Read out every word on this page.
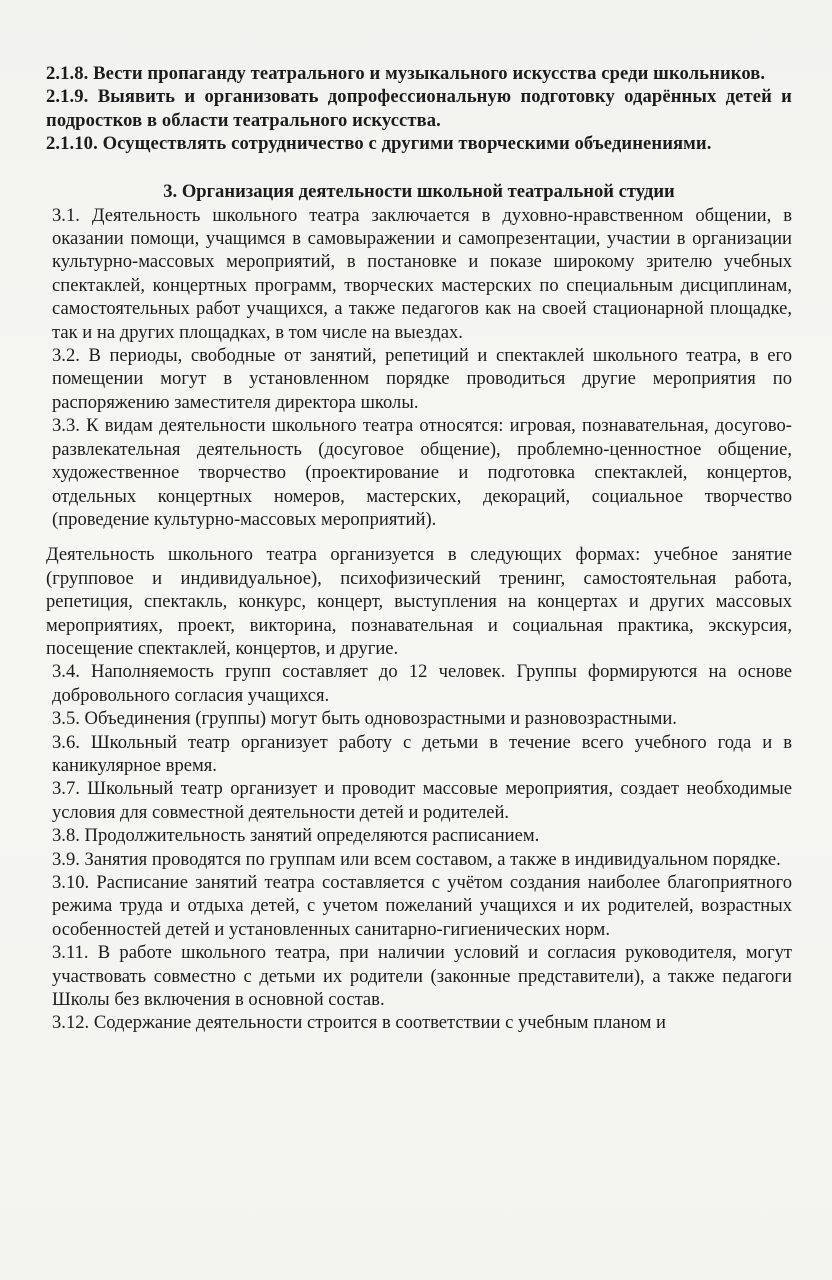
2.1.8. Вести пропаганду театрального и музыкального искусства среди школьников.

2.1.9. Выявить и организовать допрофессиональную подготовку одарённых детей и подростков в области театрального искусства.

2.1.10. Осуществлять сотрудничество с другими творческими объединениями.

3. Организация деятельности школьной театральной студии

3.1. Деятельность школьного театра заключается в духовно-нравственном общении, в оказании помощи, учащимся в самовыражении и самопрезентации, участии в организации культурно-массовых мероприятий, в постановке и показе широкому зрителю учебных спектаклей, концертных программ, творческих мастерских по специальным дисциплинам, самостоятельных работ учащихся, а также педагогов как на своей стационарной площадке, так и на других площадках, в том числе на выездах.

3.2. В периоды, свободные от занятий, репетиций и спектаклей школьного театра, в его помещении могут в установленном порядке проводиться другие мероприятия по распоряжению заместителя директора школы.

3.3. К видам деятельности школьного театра относятся: игровая, познавательная, досугово-развлекательная деятельность (досуговое общение), проблемно-ценностное общение, художественное творчество (проектирование и подготовка спектаклей, концертов, отдельных концертных номеров, мастерских, декораций, социальное творчество (проведение культурно-массовых мероприятий).

Деятельность школьного театра организуется в следующих формах: учебное занятие (групповое и индивидуальное), психофизический тренинг, самостоятельная работа, репетиция, спектакль, конкурс, концерт, выступления на концертах и других массовых мероприятиях, проект, викторина, познавательная и социальная практика, экскурсия, посещение спектаклей, концертов, и другие.

3.4. Наполняемость групп составляет до 12 человек. Группы формируются на основе добровольного согласия учащихся.

3.5. Объединения (группы) могут быть одновозрастными и разновозрастными.

3.6. Школьный театр организует работу с детьми в течение всего учебного года и в каникулярное время.

3.7. Школьный театр организует и проводит массовые мероприятия, создает необходимые условия для совместной деятельности детей и родителей.

3.8. Продолжительность занятий определяются расписанием.

3.9. Занятия проводятся по группам или всем составом, а также в индивидуальном порядке.

3.10. Расписание занятий театра составляется с учётом создания наиболее благоприятного режима труда и отдыха детей, с учетом пожеланий учащихся и их родителей, возрастных особенностей детей и установленных санитарно-гигиенических норм.

3.11. В работе школьного театра, при наличии условий и согласия руководителя, могут участвовать совместно с детьми их родители (законные представители), а также педагоги Школы без включения в основной состав.

3.12. Содержание деятельности строится в соответствии с учебным планом и
